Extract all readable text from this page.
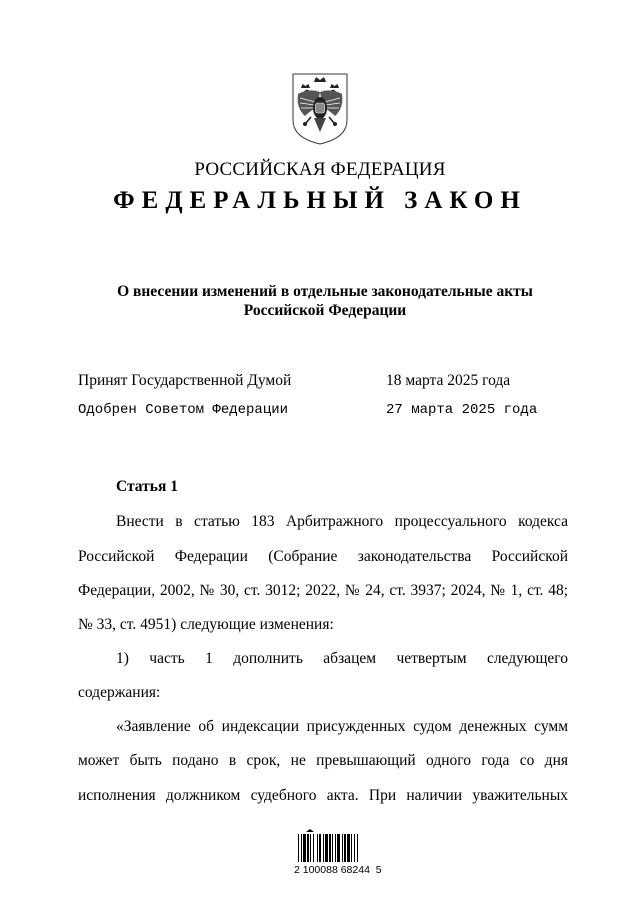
РОССИЙСКАЯ ФЕДЕРАЦИЯ
ФЕДЕРАЛЬНЫЙ ЗАКОН
О внесении изменений в отдельные законодательные акты
Российской Федерации
Принят Государственной Думой	18 марта 2025 года
Одобрен Советом Федерации	27 марта 2025 года
Статья 1
Внести в статью 183 Арбитражного процессуального кодекса
Российской Федерации (Собрание законодательства Российской
Федерации, 2002, № 30, ст. 3012; 2022, № 24, ст. 3937; 2024, № 1, ст. 48;
№ 33, ст. 4951) следующие изменения:
1) часть 1 дополнить абзацем четвертым следующего
содержания:
«Заявление об индексации присужденных судом денежных сумм
может быть подано в срок, не превышающий одного года со дня
исполнения должником судебного акта. При наличии уважительных
2 100088 68244  5
